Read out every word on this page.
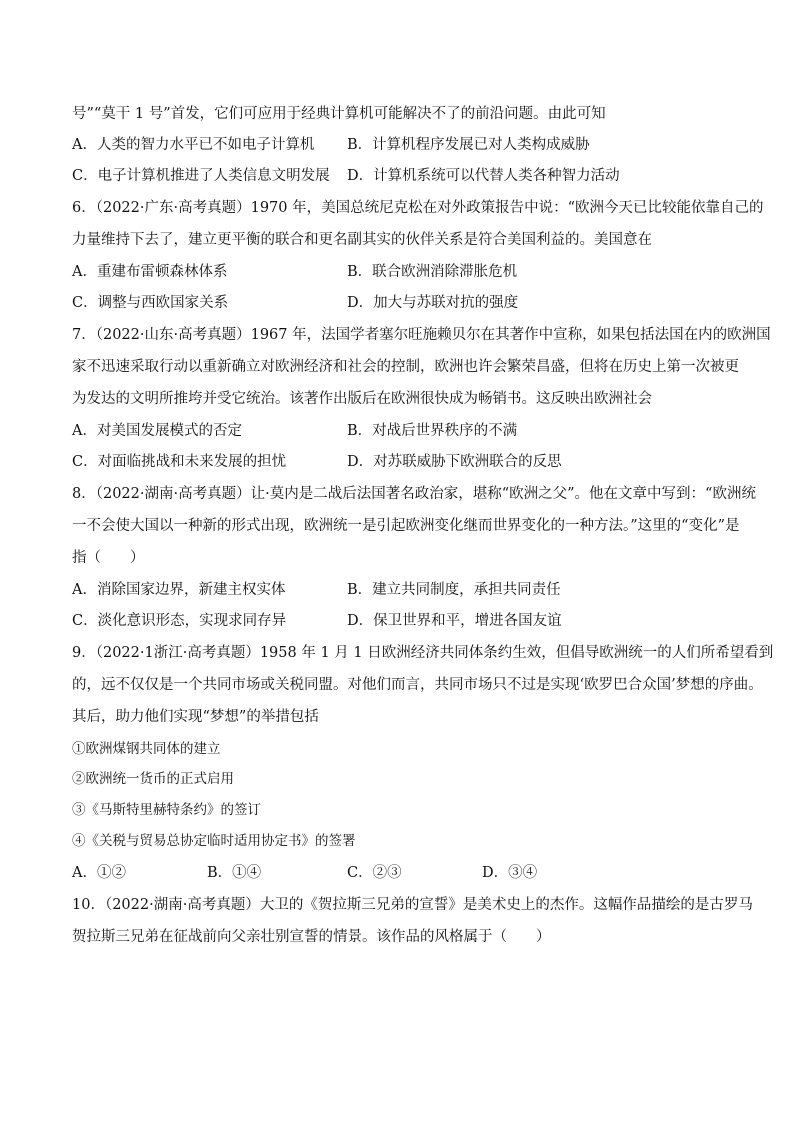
号”“莫干 1 号”首发，它们可应用于经典计算机可能解决不了的前沿问题。由此可知
A．人类的智力水平已不如电子计算机 B．计算机程序发展已对人类构成威胁
C．电子计算机推进了人类信息文明发展 D．计算机系统可以代替人类各种智力活动
6．（2022·广东·高考真题）1970 年，美国总统尼克松在对外政策报告中说：“欧洲今天已比较能依靠自己的
力量维持下去了，建立更平衡的联合和更名副其实的伙伴关系是符合美国利益的。美国意在
A．重建布雷顿森林体系	B．联合欧洲消除滞胀危机
C．调整与西欧国家关系	D．加大与苏联对抗的强度
7．（2022·山东·高考真题）1967 年，法国学者塞尔旺施赖贝尔在其著作中宣称，如果包括法国在内的欧洲国
家不迅速采取行动以重新确立对欧洲经济和社会的控制，欧洲也许会繁荣昌盛，但将在历史上第一次被更
为发达的文明所推垮并受它统治。该著作出版后在欧洲很快成为畅销书。这反映出欧洲社会
A．对美国发展模式的否定	B．对战后世界秩序的不满
C．对面临挑战和未来发展的担忧	D．对苏联威胁下欧洲联合的反思
8．（2022·湖南·高考真题）让·莫内是二战后法国著名政治家，堪称“欧洲之父”。他在文章中写到：“欧洲统
一不会使大国以一种新的形式出现，欧洲统一是引起欧洲变化继而世界变化的一种方法。”这里的“变化”是
指（　　）
A．消除国家边界，新建主权实体	B．建立共同制度，承担共同责任
C．淡化意识形态，实现求同存异	D．保卫世界和平，增进各国友谊
9．（2022·1浙江·高考真题）1958 年 1 月 1 日欧洲经济共同体条约生效，但倡导欧洲统一的人们所希望看到
的，远不仅仅是一个共同市场或关税同盟。对他们而言，共同市场只不过是实现‘欧罗巴合众国’梦想的序曲。
其后，助力他们实现“梦想”的举措包括
①欧洲煤钢共同体的建立
②欧洲统一货币的正式启用
③《马斯特里赫特条约》的签订
④《关税与贸易总协定临时适用协定书》的签署
A．①②	B．①④	C．②③	D．③④
10．（2022·湖南·高考真题）大卫的《贺拉斯三兄弟的宣誓》是美术史上的杰作。这幅作品描绘的是古罗马
贺拉斯三兄弟在征战前向父亲壮别宣誓的情景。该作品的风格属于（　　）
